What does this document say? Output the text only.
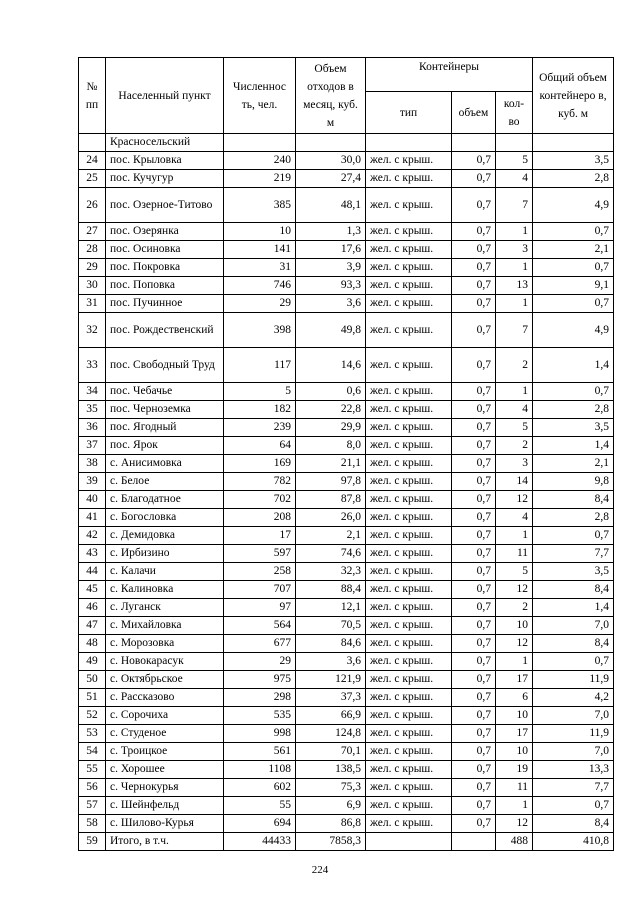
№ пп	Населенный пункт	Численнос ть, чел.	Объем отходов в месяц, куб. м	Контейнеры			Общий объем контейнеро в, куб. м
				тип	объем	кол-во	
	Красносельский						
24	пос. Крыловка	240	30,0	жел. с крыш.	0,7	5	3,5
25	пос. Кучугур	219	27,4	жел. с крыш.	0,7	4	2,8
26	пос. Озерное-Титово	385	48,1	жел. с крыш.	0,7	7	4,9
27	пос. Озерянка	10	1,3	жел. с крыш.	0,7	1	0,7
28	пос. Осиновка	141	17,6	жел. с крыш.	0,7	3	2,1
29	пос. Покровка	31	3,9	жел. с крыш.	0,7	1	0,7
30	пос. Поповка	746	93,3	жел. с крыш.	0,7	13	9,1
31	пос. Пучинное	29	3,6	жел. с крыш.	0,7	1	0,7
32	пос. Рождественский	398	49,8	жел. с крыш.	0,7	7	4,9
33	пос. Свободный Труд	117	14,6	жел. с крыш.	0,7	2	1,4
34	пос. Чебачье	5	0,6	жел. с крыш.	0,7	1	0,7
35	пос. Черноземка	182	22,8	жел. с крыш.	0,7	4	2,8
36	пос. Ягодный	239	29,9	жел. с крыш.	0,7	5	3,5
37	пос. Ярок	64	8,0	жел. с крыш.	0,7	2	1,4
38	с. Анисимовка	169	21,1	жел. с крыш.	0,7	3	2,1
39	с. Белое	782	97,8	жел. с крыш.	0,7	14	9,8
40	с. Благодатное	702	87,8	жел. с крыш.	0,7	12	8,4
41	с. Богословка	208	26,0	жел. с крыш.	0,7	4	2,8
42	с. Демидовка	17	2,1	жел. с крыш.	0,7	1	0,7
43	с. Ирбизино	597	74,6	жел. с крыш.	0,7	11	7,7
44	с. Калачи	258	32,3	жел. с крыш.	0,7	5	3,5
45	с. Калиновка	707	88,4	жел. с крыш.	0,7	12	8,4
46	с. Луганск	97	12,1	жел. с крыш.	0,7	2	1,4
47	с. Михайловка	564	70,5	жел. с крыш.	0,7	10	7,0
48	с. Морозовка	677	84,6	жел. с крыш.	0,7	12	8,4
49	с. Новокарасук	29	3,6	жел. с крыш.	0,7	1	0,7
50	с. Октябрьское	975	121,9	жел. с крыш.	0,7	17	11,9
51	с. Рассказово	298	37,3	жел. с крыш.	0,7	6	4,2
52	с. Сорочиха	535	66,9	жел. с крыш.	0,7	10	7,0
53	с. Студеное	998	124,8	жел. с крыш.	0,7	17	11,9
54	с. Троицкое	561	70,1	жел. с крыш.	0,7	10	7,0
55	с. Хорошее	1108	138,5	жел. с крыш.	0,7	19	13,3
56	с. Чернокурья	602	75,3	жел. с крыш.	0,7	11	7,7
57	с. Шейнфельд	55	6,9	жел. с крыш.	0,7	1	0,7
58	с. Шилово-Курья	694	86,8	жел. с крыш.	0,7	12	8,4
59	Итого, в т.ч.	44433	7858,3			488	410,8
224
